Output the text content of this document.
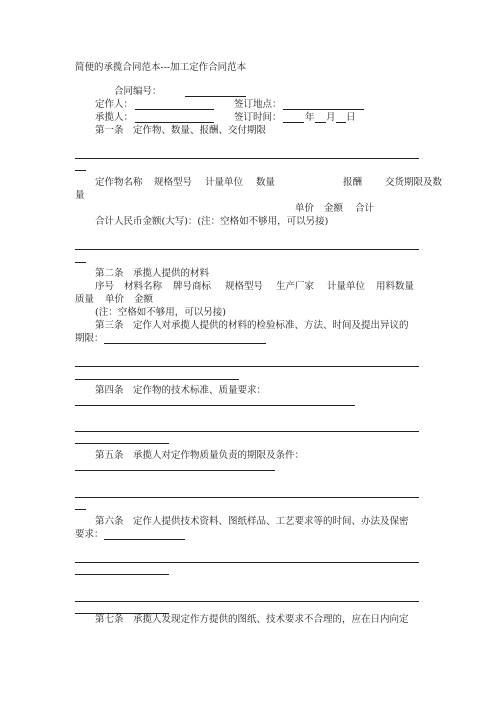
简便的承揽合同范本---加工定作合同范本
合同编号：
定作人：	签订地点：
承揽人：	签订时间： 年 月 日
第一条　定作物、数量、报酬、交付期限
定作物名称 规格型号 计量单位 数量	报酬 交货期限及数
量
单价 金额 合计
合计人民币金额(大写)：(注：空格如不够用，可以另接)
第二条　承揽人提供的材料
序号 材料名称 牌号商标 规格型号 生产厂家 计量单位 用料数量
质量 单价 金额
(注：空格如不够用，可以另接)
第三条　定作人对承揽人提供的材料的检验标准、方法、时间及提出异议的
期限：
第四条　定作物的技术标准、质量要求：
第五条　承揽人对定作物质量负责的期限及条件：
第六条　定作人提供技术资料、图纸样品、工艺要求等的时间、办法及保密
要求：
第七条　承揽人发现定作方提供的图纸、技术要求不合理的，应在日内向定
